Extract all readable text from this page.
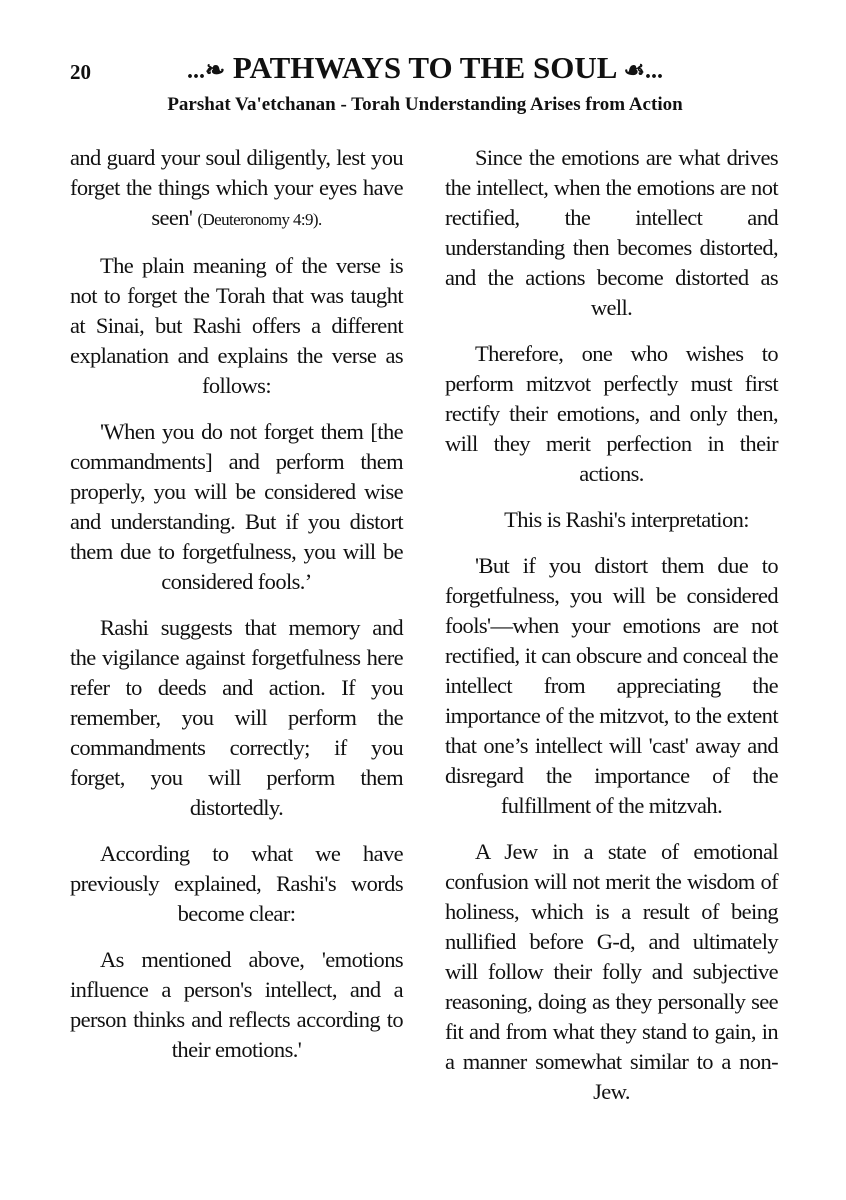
20	...❧ PATHWAYS TO THE SOUL ☙...
Parshat Va'etchanan - Torah Understanding Arises from Action

and guard your soul diligently, lest you forget the things which your eyes have seen' (Deuteronomy 4:9).

The plain meaning of the verse is not to forget the Torah that was taught at Sinai, but Rashi offers a different explanation and explains the verse as follows:

'When you do not forget them [the commandments] and perform them properly, you will be considered wise and understanding. But if you distort them due to forgetfulness, you will be considered fools.’

Rashi suggests that memory and the vigilance against forgetfulness here refer to deeds and action. If you remember, you will perform the commandments correctly; if you forget, you will perform them distortedly.

According to what we have previously explained, Rashi's words become clear:

As mentioned above, 'emotions influence a person's intellect, and a person thinks and reflects according to their emotions.'

Since the emotions are what drives the intellect, when the emotions are not rectified, the intellect and understanding then becomes distorted, and the actions become distorted as well.

Therefore, one who wishes to perform mitzvot perfectly must first rectify their emotions, and only then, will they merit perfection in their actions.

This is Rashi's interpretation:

'But if you distort them due to forgetfulness, you will be considered fools'—when your emotions are not rectified, it can obscure and conceal the intellect from appreciating the importance of the mitzvot, to the extent that one’s intellect will 'cast' away and disregard the importance of the fulfillment of the mitzvah.

A Jew in a state of emotional confusion will not merit the wisdom of holiness, which is a result of being nullified before G-d, and ultimately will follow their folly and subjective reasoning, doing as they personally see fit and from what they stand to gain, in a manner somewhat similar to a non-Jew.
